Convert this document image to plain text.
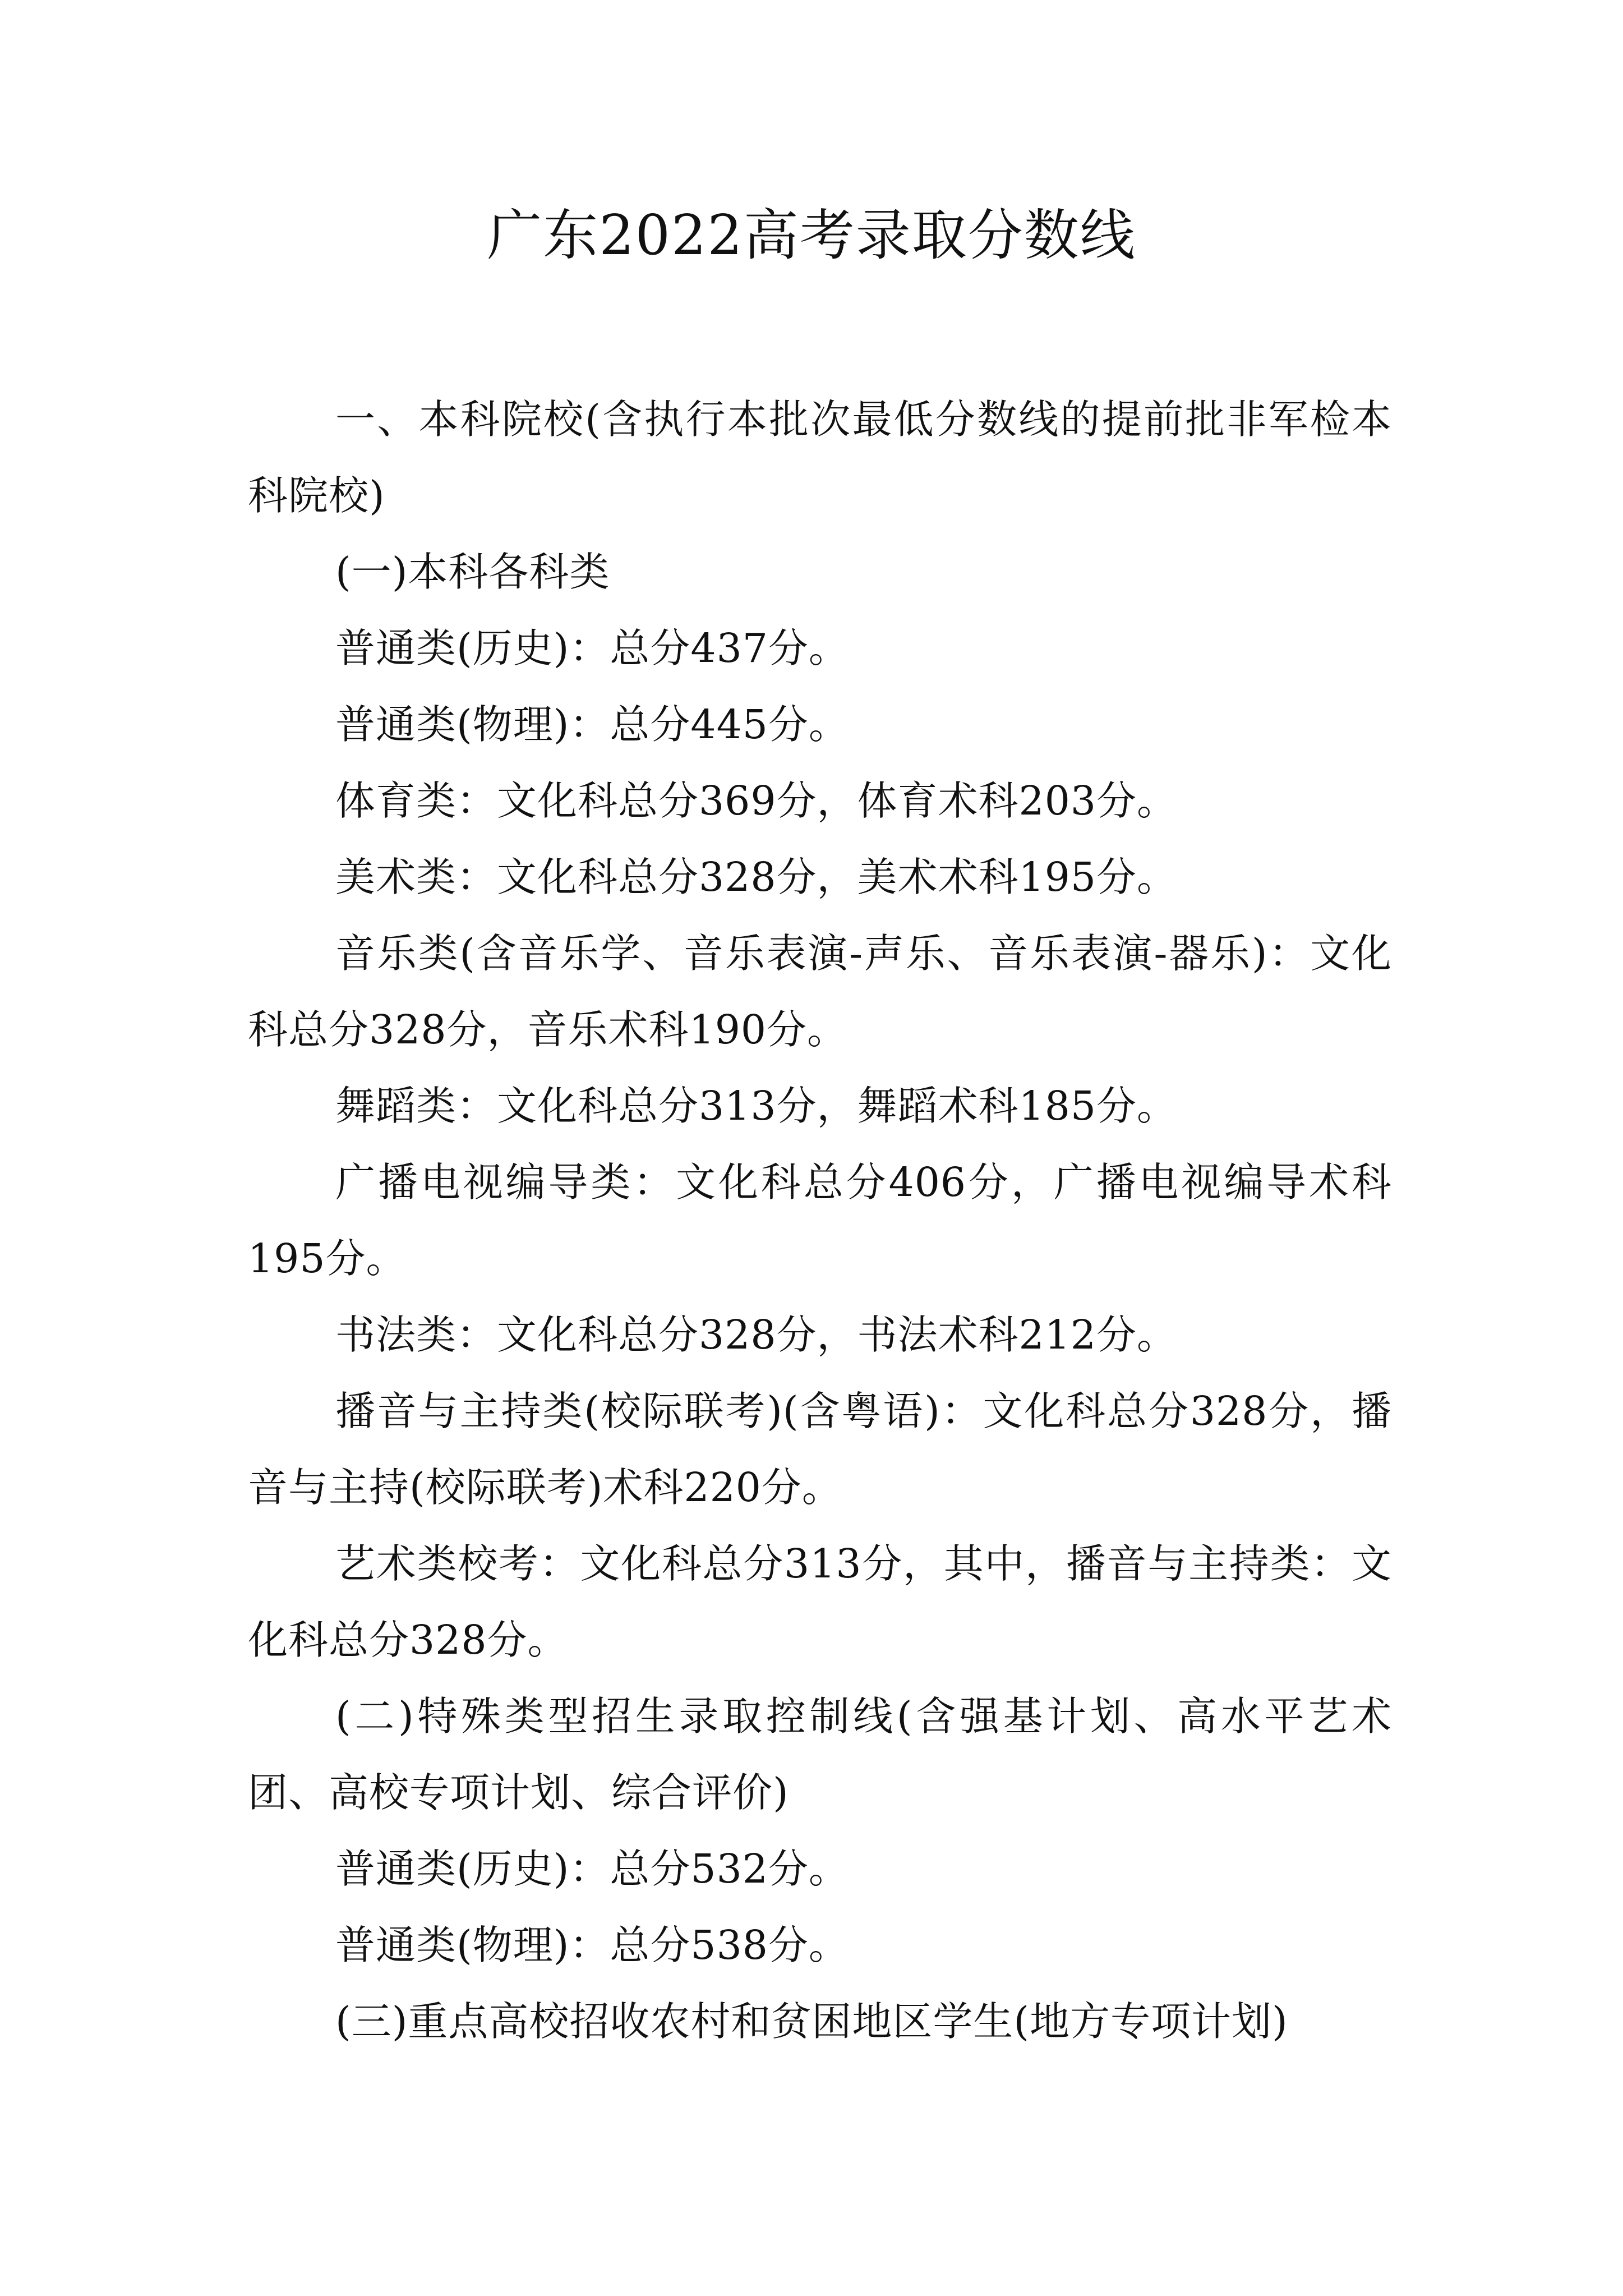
广东2022高考录取分数线

一、本科院校(含执行本批次最低分数线的提前批非军检本科院校)

(一)本科各科类

普通类(历史)：总分437分。

普通类(物理)：总分445分。

体育类：文化科总分369分，体育术科203分。

美术类：文化科总分328分，美术术科195分。

音乐类(含音乐学、音乐表演-声乐、音乐表演-器乐)：文化科总分328分，音乐术科190分。

舞蹈类：文化科总分313分，舞蹈术科185分。

广播电视编导类：文化科总分406分，广播电视编导术科195分。

书法类：文化科总分328分，书法术科212分。

播音与主持类(校际联考)(含粤语)：文化科总分328分，播音与主持(校际联考)术科220分。

艺术类校考：文化科总分313分，其中，播音与主持类：文化科总分328分。

(二)特殊类型招生录取控制线(含强基计划、高水平艺术团、高校专项计划、综合评价)

普通类(历史)：总分532分。

普通类(物理)：总分538分。

(三)重点高校招收农村和贫困地区学生(地方专项计划)
